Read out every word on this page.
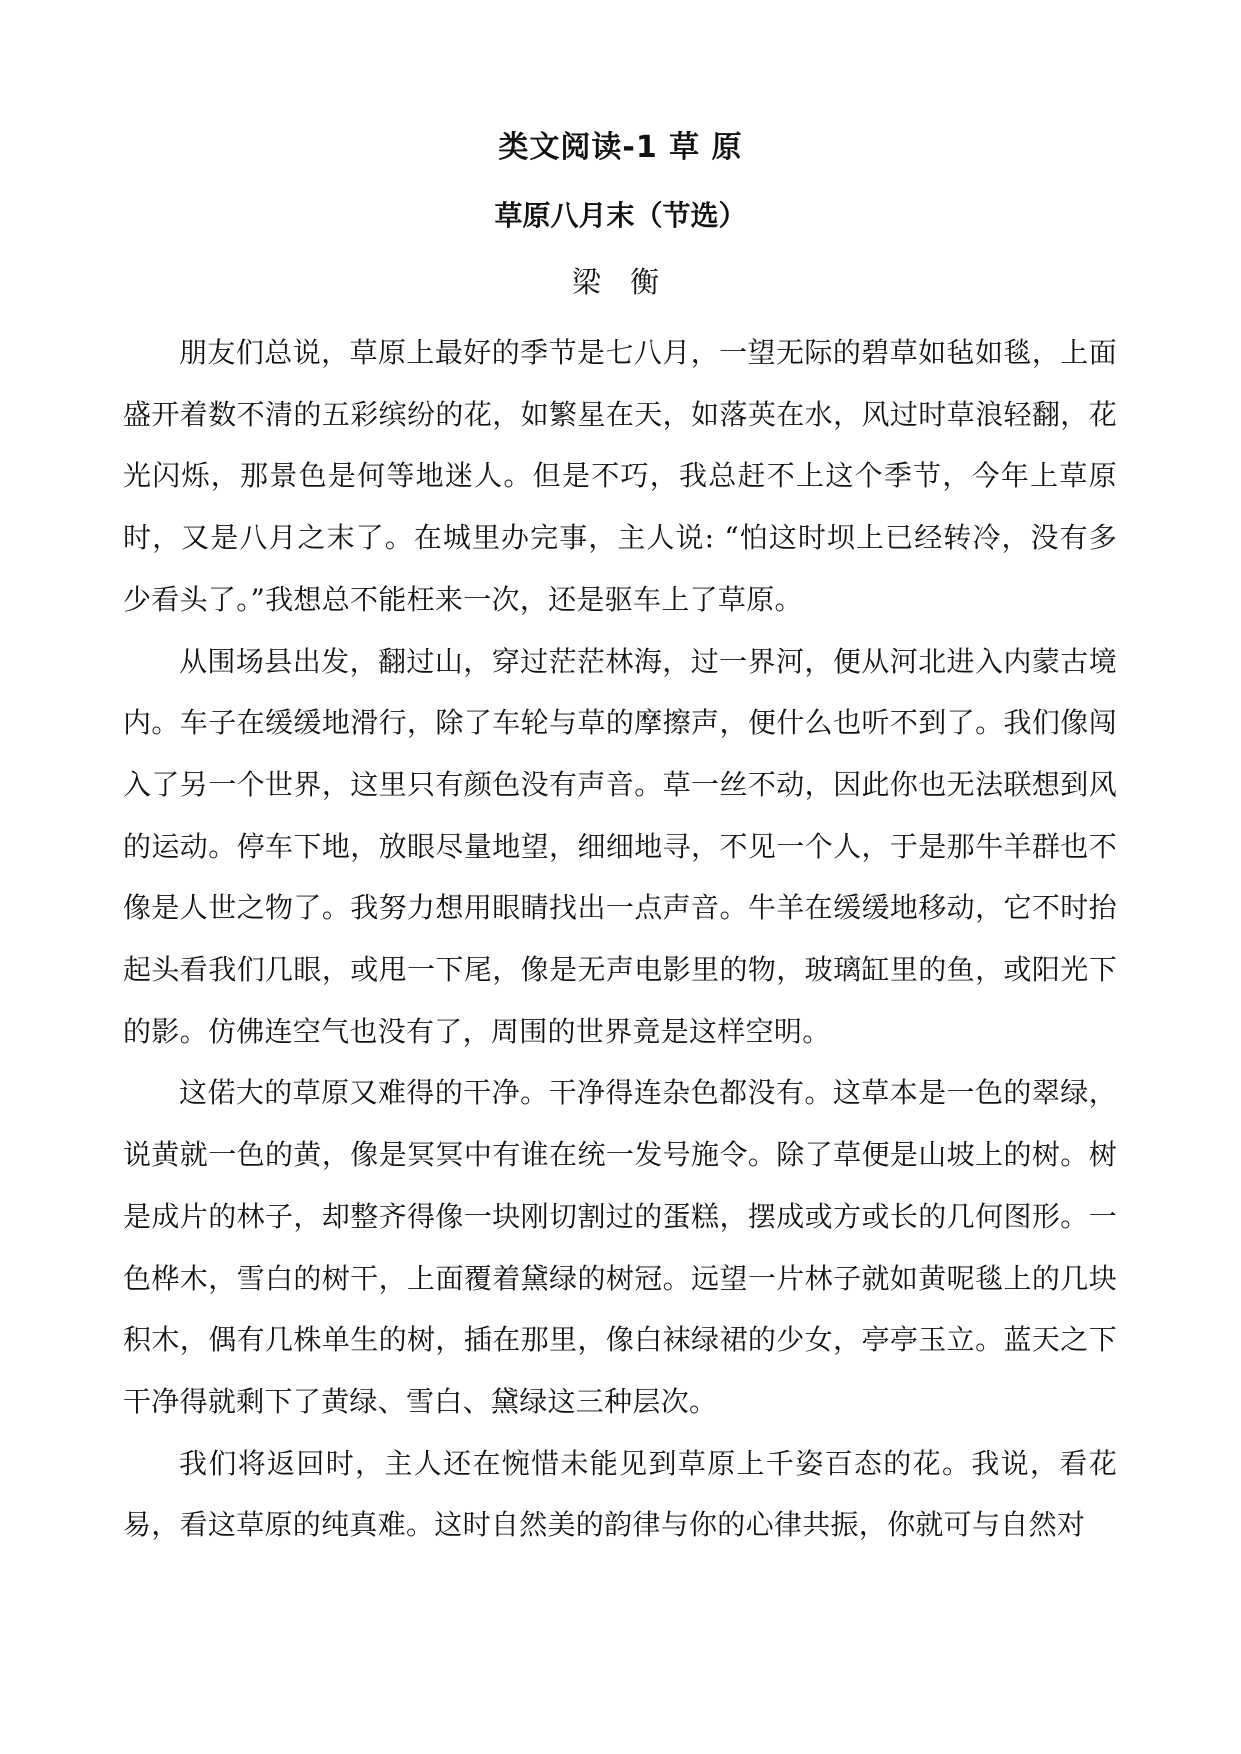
类文阅读-1 草 原
草原八月末（节选）
梁 衡

朋友们总说，草原上最好的季节是七八月，一望无际的碧草如毡如毯，上面盛开着数不清的五彩缤纷的花，如繁星在天，如落英在水，风过时草浪轻翻，花光闪烁，那景色是何等地迷人。但是不巧，我总赶不上这个季节，今年上草原时，又是八月之末了。在城里办完事，主人说: “怕这时坝上已经转冷，没有多少看头了。”我想总不能枉来一次，还是驱车上了草原。

从围场县出发，翻过山，穿过茫茫林海，过一界河，便从河北进入内蒙古境内。车子在缓缓地滑行，除了车轮与草的摩擦声，便什么也听不到了。我们像闯入了另一个世界，这里只有颜色没有声音。草一丝不动，因此你也无法联想到风的运动。停车下地，放眼尽量地望，细细地寻，不见一个人，于是那牛羊群也不像是人世之物了。我努力想用眼睛找出一点声音。牛羊在缓缓地移动，它不时抬起头看我们几眼，或甩一下尾，像是无声电影里的物，玻璃缸里的鱼，或阳光下的影。仿佛连空气也没有了，周围的世界竟是这样空明。

这偌大的草原又难得的干净。干净得连杂色都没有。这草本是一色的翠绿，说黄就一色的黄，像是冥冥中有谁在统一发号施令。除了草便是山坡上的树。树是成片的林子，却整齐得像一块刚切割过的蛋糕，摆成或方或长的几何图形。一色桦木，雪白的树干，上面覆着黛绿的树冠。远望一片林子就如黄呢毯上的几块积木，偶有几株单生的树，插在那里，像白袜绿裙的少女，亭亭玉立。蓝天之下干净得就剩下了黄绿、雪白、黛绿这三种层次。

我们将返回时，主人还在惋惜未能见到草原上千姿百态的花。我说，看花易，看这草原的纯真难。这时自然美的韵律与你的心律共振，你就可与自然对
